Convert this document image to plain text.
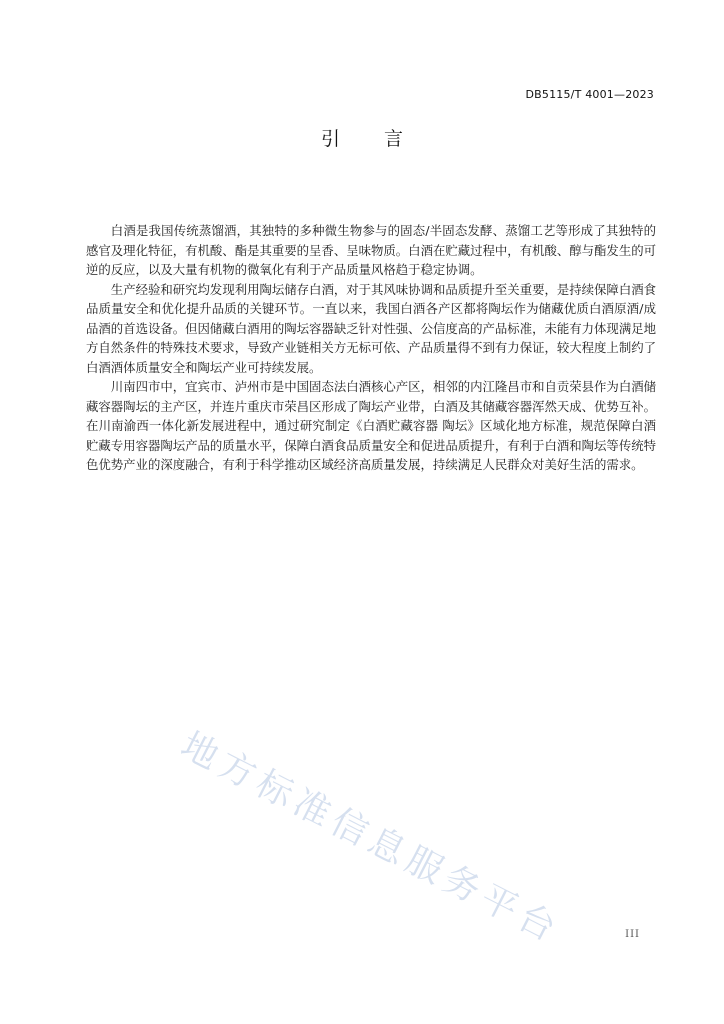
DB5115/T 4001—2023
引言

白酒是我国传统蒸馏酒，其独特的多种微生物参与的固态/半固态发酵、蒸馏工艺等形成了其独特的感官及理化特征，有机酸、酯是其重要的呈香、呈味物质。白酒在贮藏过程中，有机酸、醇与酯发生的可逆的反应，以及大量有机物的微氧化有利于产品质量风格趋于稳定协调。

生产经验和研究均发现利用陶坛储存白酒，对于其风味协调和品质提升至关重要，是持续保障白酒食品质量安全和优化提升品质的关键环节。一直以来，我国白酒各产区都将陶坛作为储藏优质白酒原酒/成品酒的首选设备。但因储藏白酒用的陶坛容器缺乏针对性强、公信度高的产品标准，未能有力体现满足地方自然条件的特殊技术要求，导致产业链相关方无标可依、产品质量得不到有力保证，较大程度上制约了白酒酒体质量安全和陶坛产业可持续发展。

川南四市中，宜宾市、泸州市是中国固态法白酒核心产区，相邻的内江隆昌市和自贡荣县作为白酒储藏容器陶坛的主产区，并连片重庆市荣昌区形成了陶坛产业带，白酒及其储藏容器浑然天成、优势互补。在川南渝西一体化新发展进程中，通过研究制定《白酒贮藏容器 陶坛》区域化地方标准，规范保障白酒贮藏专用容器陶坛产品的质量水平，保障白酒食品质量安全和促进品质提升，有利于白酒和陶坛等传统特色优势产业的深度融合，有利于科学推动区域经济高质量发展，持续满足人民群众对美好生活的需求。

地方标准信息服务平台	III
